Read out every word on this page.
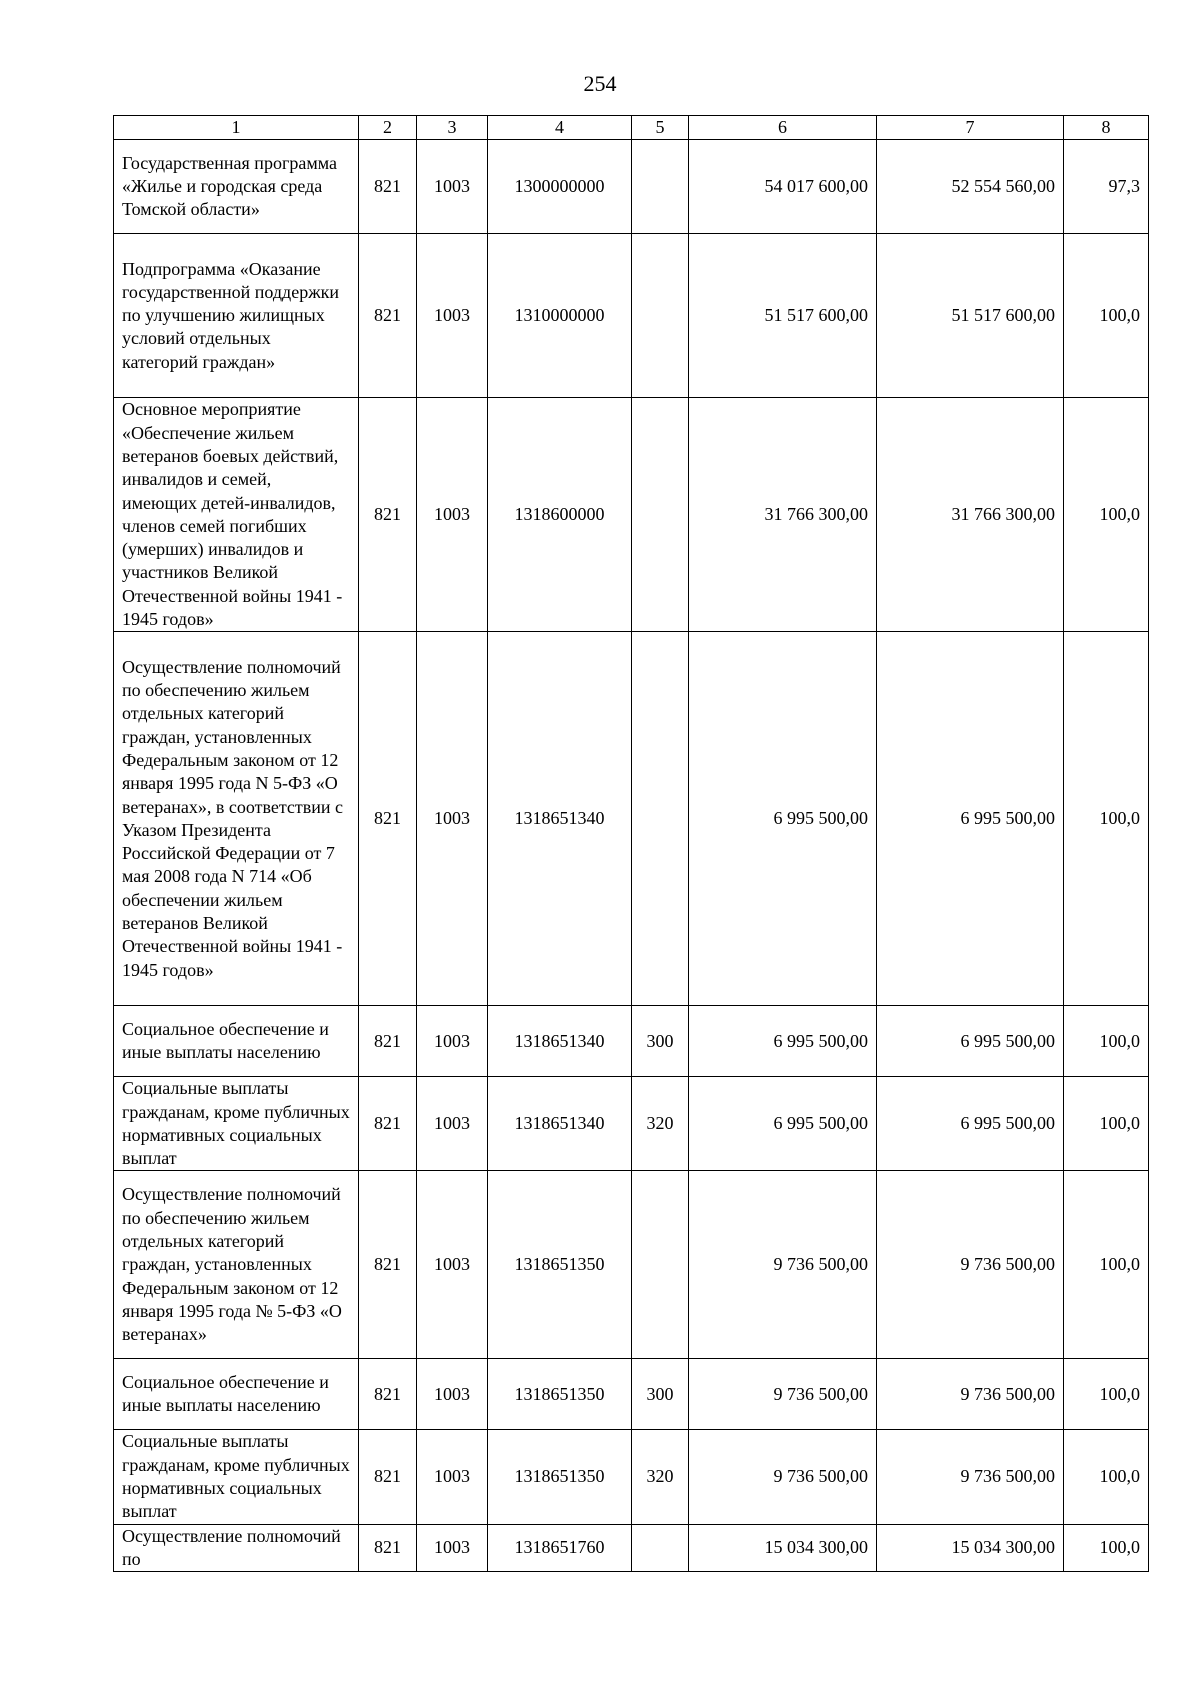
254
1	2	3	4	5	6	7	8
Государственная программа «Жилье и городская среда Томской области»	821	1003	1300000000		54 017 600,00	52 554 560,00	97,3
Подпрограмма «Оказание государственной поддержки по улучшению жилищных условий отдельных категорий граждан»	821	1003	1310000000		51 517 600,00	51 517 600,00	100,0
Основное мероприятие «Обеспечение жильем ветеранов боевых действий, инвалидов и семей, имеющих детей-инвалидов, членов семей погибших (умерших) инвалидов и участников Великой Отечественной войны 1941 - 1945 годов»	821	1003	1318600000		31 766 300,00	31 766 300,00	100,0
Осуществление полномочий по обеспечению жильем отдельных категорий граждан, установленных Федеральным законом от 12 января 1995 года N 5-ФЗ «О ветеранах», в соответствии с Указом Президента Российской Федерации от 7 мая 2008 года N 714 «Об обеспечении жильем ветеранов Великой Отечественной войны 1941 - 1945 годов»	821	1003	1318651340		6 995 500,00	6 995 500,00	100,0
Социальное обеспечение и иные выплаты населению	821	1003	1318651340	300	6 995 500,00	6 995 500,00	100,0
Социальные выплаты гражданам, кроме публичных нормативных социальных выплат	821	1003	1318651340	320	6 995 500,00	6 995 500,00	100,0
Осуществление полномочий по обеспечению жильем отдельных категорий граждан, установленных Федеральным законом от 12 января 1995 года № 5-ФЗ «О ветеранах»	821	1003	1318651350		9 736 500,00	9 736 500,00	100,0
Социальное обеспечение и иные выплаты населению	821	1003	1318651350	300	9 736 500,00	9 736 500,00	100,0
Социальные выплаты гражданам, кроме публичных нормативных социальных выплат	821	1003	1318651350	320	9 736 500,00	9 736 500,00	100,0
Осуществление полномочий по	821	1003	1318651760		15 034 300,00	15 034 300,00	100,0
